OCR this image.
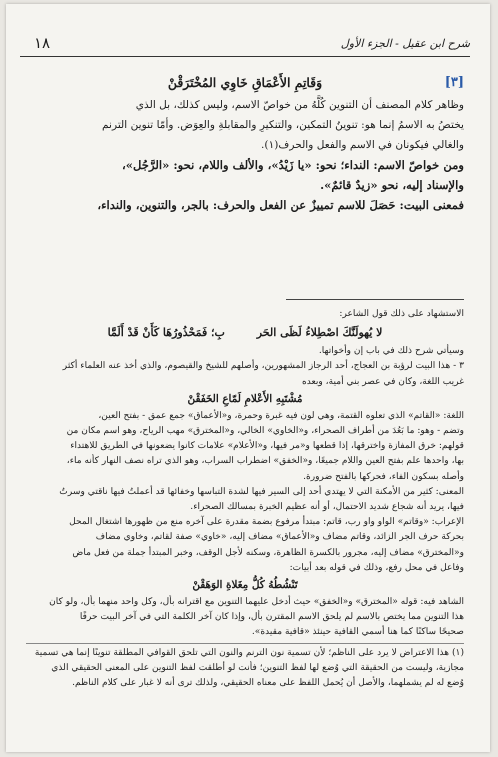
شرح ابن عقيل - الجزء الأول
١٨
[٣]
وَقَاتِمِ الأَعْمَاقِ خَاوِي المُخْتَرَقْنْ
وظاهر كلام المصنف أن التنوين كُلَّهُ من خواصّ الاسم، وليس كذلك، بل الذي
يختصُ به الاسمُ إنما هو: تنوينُ التمكين، والتنكيرِ والمقابلةِ والعِوَض. وأمّا تنوين الترنم
والغالي فيكونان في الاسم والفعل والحرف(١).
ومن خواصّ الاسم: النداء؛ نحو: «يا زَيْدُ»، والألف واللام، نحو: «الرَّجُل»،
والإسناد إليه، نحو «زيدٌ قائمٌ».
فمعنى البيت: حَصَلَ للاسم تمييزٌ عن الفعل والحرف: بالجر، والتنوين، والنداء،
الاستشهاد على ذلك قول الشاعر:
لا يُهولَنَّكَ اصْطِلاءُ لَظَى الحَر بِ؛ فَمَحْذُورُهَا كَأَنْ قَدْ أَلَمَّا
وسيأتي شرح ذلك في باب إن وأخواتها.
٣ - هذا البيت لرؤبة بن العجاج، أحد الرجاز المشهورين، وأصلهم للشيخ والقيصوم، والذي أخذ عنه العلماء أكثر
غريب اللغة، وكان في عصر بني أمية، وبعده
مُشْتَبِهِ الأَعْلامِ لَمّاعِ الخَفَقْنْ
اللغة: «القاتم» الذي تعلوه القتمة، وهي لون فيه غبرة وحمرة، و«الأعماق» جمع عمق - بفتح العين،
وتضم - وهو: ما بَعُدَ من أطراف الصحراء، و«الخاوي» الخالي، و«المخترق» مهب الرياح، وهو اسم مكان من
قولهم: خرق المفازة واخترقها، إذا قطعها و«مر فيها، و«الأعلام» علامات كانوا يضعونها في الطريق للاهتداء
بها، واحدها علم بفتح العين واللام جميعًا، و«الخفق» اضطراب السراب، وهو الذي تراه نصف النهار كأنه ماء،
وأصله بسكون الفاء، فحركها بالفتح ضرورة.
المعنى: كثير من الأمكنة التي لا يهتدي أحد إلى السير فيها لشدة التباسها وخفائها قد أعملتُ فيها ناقتي وسرتُ
فيها، يريد أنه شجاع شديد الاحتمال، أو أنه عظيم الخبرة بمسالك الصحراء.
الإعراب: «وقاتم» الواو واو رب، قاتم: مبتدأ مرفوع بضمة مقدرة على آخره منع من ظهورها اشتغال المحل
بحركة حرف الجر الزائد، وقاتم مضاف و«الأعماق» مضاف إليه، «خاوي» صفة لقاتم، وخاوي مضاف
و«المخترق» مضاف إليه، مجرور بالكسرة الظاهرة، وسكنه لأجل الوقف، وخبر المبتدأ جملة من فعل ماض
وفاعل في محل رفع، وذلك في قوله بعد أبيات:
تَنْشُطُهُ كُلُّ مِغَلاةِ الوَهَقْنْ
الشاهد فيه: قوله «المخترق» و«الخفق» حيث أدخل عليهما التنوين مع اقترانه بأل، وكل واحد منهما بأل، ولو كان
هذا التنوين مما يختص بالاسم لم يلحق الاسم المقترن بأل، وإذا كان آخر الكلمة التي في آخر البيت حرفًا
صحيحًا ساكنًا كما هنا أُسمي القافية حينئذ «قافية مقيدة».
(١) هذا الاعتراض لا يرد على الناظم؛ لأن تسمية نون الترنم والنون التي تلحق القوافي المطلقة تنوينًا إنما هي تسمية
مجازية، وليست من الحقيقة التي وُضع لها لفظ التنوين؛ فأنت لو أطلقت لفظ التنوين على المعنى الحقيقي الذي
وُضع له لم يشملهما، والأصل أن يُحمل اللفظ على معناه الحقيقي، ولذلك ترى أنه لا غبار على كلام الناظم.
